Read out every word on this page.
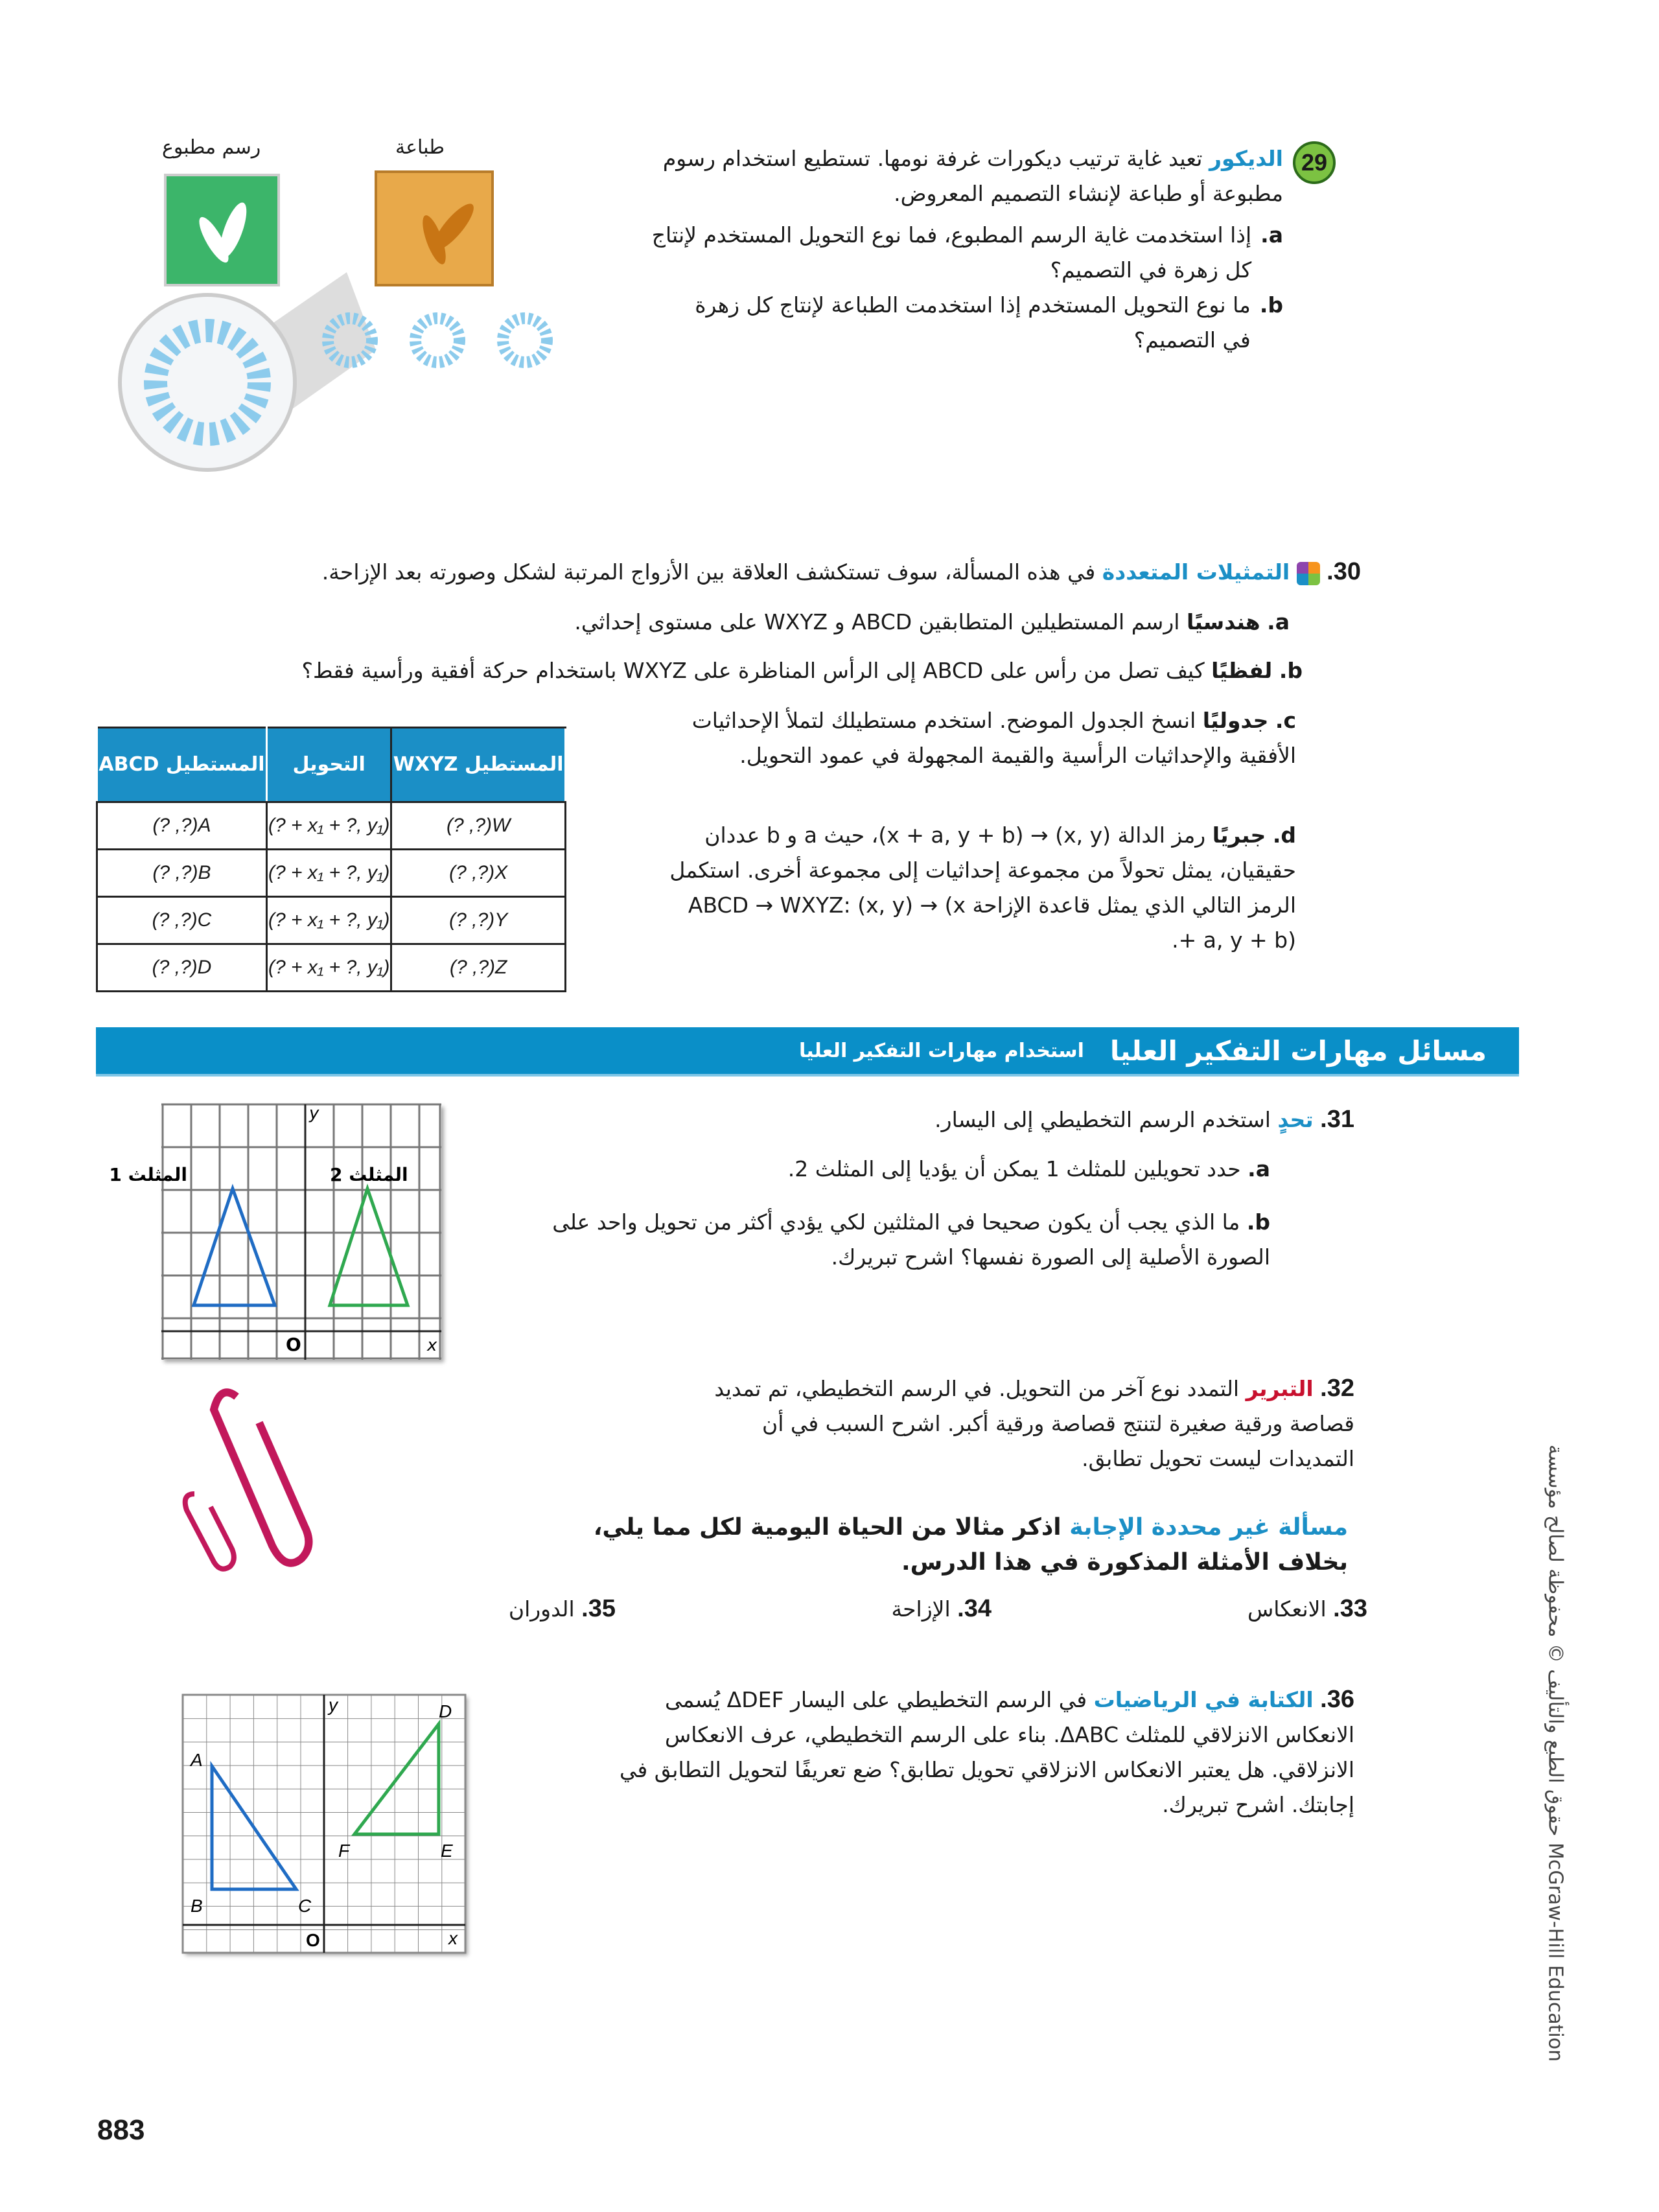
29

الديكور تعيد غاية ترتيب ديكورات غرفة نومها. تستطيع استخدام رسوم مطبوعة أو طباعة لإنشاء التصميم المعروض.

a.
إذا استخدمت غاية الرسم المطبوع، فما نوع التحويل المستخدم لإنتاج كل زهرة في التصميم؟

b.
ما نوع التحويل المستخدم إذا استخدمت الطباعة لإنتاج كل زهرة في التصميم؟

رسم مطبوع	طباعة

30.  التمثيلات المتعددة في هذه المسألة، سوف تستكشف العلاقة بين الأزواج المرتبة لشكل وصورته بعد الإزاحة.

a. هندسيًا ارسم المستطيلين المتطابقين ABCD و WXYZ على مستوى إحداثي.
b. لفظيًا كيف تصل من رأس على ABCD إلى الرأس المناظرة على WXYZ باستخدام حركة أفقية ورأسية فقط؟
c. جدوليًا انسخ الجدول الموضح. استخدم مستطيلك لتملأ الإحداثيات الأفقية والإحداثيات الرأسية والقيمة المجهولة في عمود التحويل.
d. جبريًا رمز الدالة (x, y) → (x + a, y + b)، حيث a و b عددان حقيقيان، يمثل تحولاً من مجموعة إحداثيات إلى مجموعة أخرى. استكمل الرمز التالي الذي يمثل قاعدة الإزاحة ABCD → WXYZ: (x, y) → (x + a, y + b).
المستطيل WXYZ	التحويل	المستطيل ABCD
W(?, ?)	(x₁ + ?, y₁ + ?)	A(?, ?)
X(?, ?)	(x₁ + ?, y₁ + ?)	B(?, ?)
Y(?, ?)	(x₁ + ?, y₁ + ?)	C(?, ?)
Z(?, ?)	(x₁ + ?, y₁ + ?)	D(?, ?)
مسائل مهارات التفكير العليا
استخدام مهارات التفكير العليا

31. تحدٍ استخدم الرسم التخطيطي إلى اليسار.

a. حدد تحويلين للمثلث 1 يمكن أن يؤديا إلى المثلث 2.

b. ما الذي يجب أن يكون صحيحا في المثلثين لكي يؤدي أكثر من تحويل واحد على الصورة الأصلية إلى الصورة نفسها؟ اشرح تبريرك.

المثلث 1	المثلث 2
y
x
O

32. التبرير التمدد نوع آخر من التحويل. في الرسم التخطيطي، تم تمديد قصاصة ورقية صغيرة لتنتج قصاصة ورقية أكبر. اشرح السبب في أن التمديدات ليست تحويل تطابق.

مسألة غير محددة الإجابة اذكر مثالا من الحياة اليومية لكل مما يلي، بخلاف الأمثلة المذكورة في هذا الدرس.
33. الانعكاس
34. الإزاحة
35. الدوران

36. الكتابة في الرياضيات في الرسم التخطيطي على اليسار ΔDEF يُسمى الانعكاس الانزلاقي للمثلث ΔABC. بناء على الرسم التخطيطي، عرف الانعكاس الانزلاقي. هل يعتبر الانعكاس الانزلاقي تحويل تطابق؟ ضع تعريفًا لتحويل التطابق في إجابتك. اشرح تبريرك.

A
B	C
D
E
F
y
x
O
883
حقوق الطبع والتأليف © محفوظة لصالح مؤسسة McGraw-Hill Education
